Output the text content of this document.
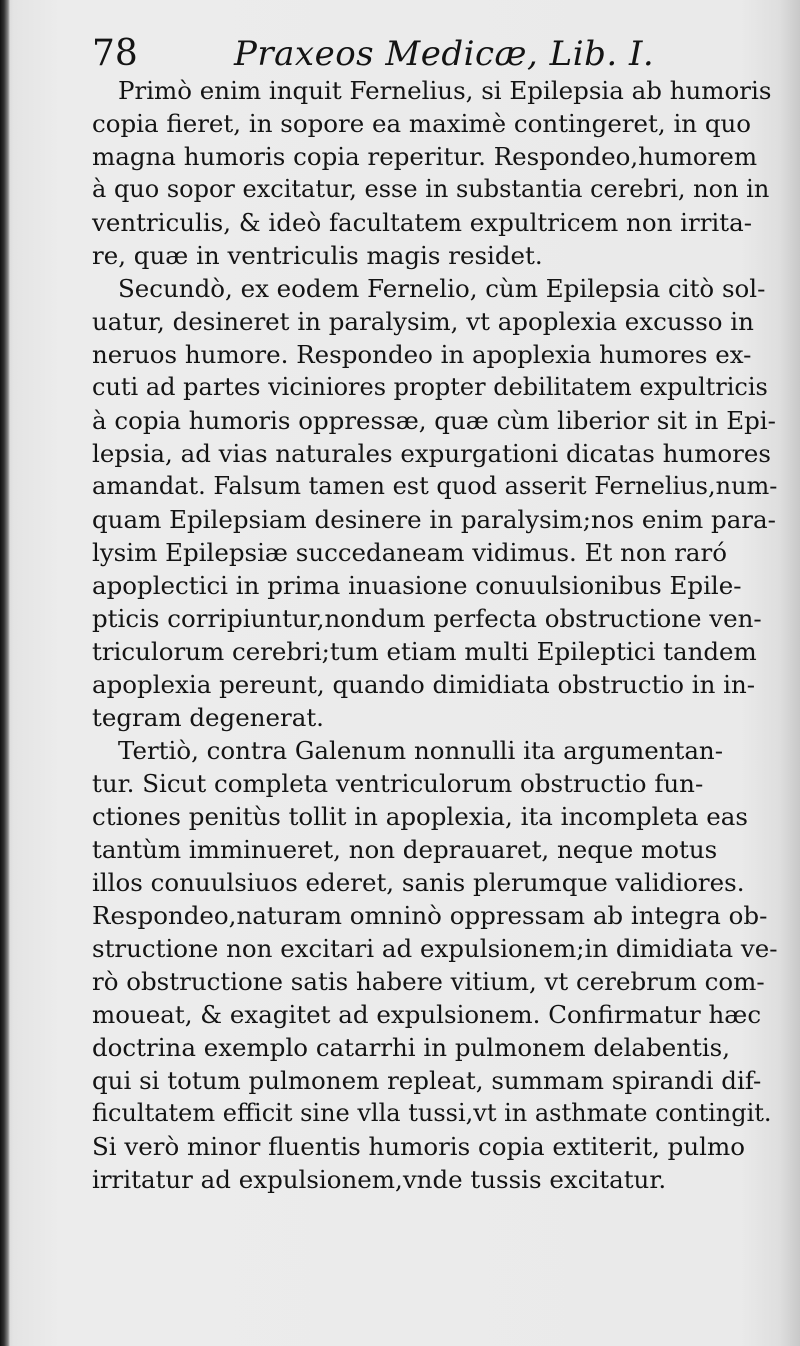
78	Praxeos Medicæ, Lib. I.
Primò enim inquit Fernelius, si Epilepsia ab humoris
copia fieret, in sopore ea maximè contingeret, in quo
magna humoris copia reperitur. Respondeo,humorem
à quo sopor excitatur, esse in substantia cerebri, non in
ventriculis, & ideò facultatem expultricem non irrita-
re, quæ in ventriculis magis residet.
Secundò, ex eodem Fernelio, cùm Epilepsia citò sol-
uatur, desineret in paralysim, vt apoplexia excusso in
neruos humore. Respondeo in apoplexia humores ex-
cuti ad partes viciniores propter debilitatem expultricis
à copia humoris oppressæ, quæ cùm liberior sit in Epi-
lepsia, ad vias naturales expurgationi dicatas humores
amandat. Falsum tamen est quod asserit Fernelius,num-
quam Epilepsiam desinere in paralysim;nos enim para-
lysim Epilepsiæ succedaneam vidimus. Et non raró
apoplectici in prima inuasione conuulsionibus Epile-
pticis corripiuntur,nondum perfecta obstructione ven-
triculorum cerebri;tum etiam multi Epileptici tandem
apoplexia pereunt, quando dimidiata obstructio in in-
tegram degenerat.
Tertiò, contra Galenum nonnulli ita argumentan-
tur. Sicut completa ventriculorum obstructio fun-
ctiones penitùs tollit in apoplexia, ita incompleta eas
tantùm imminueret, non deprauaret, neque motus
illos conuulsiuos ederet, sanis plerumque validiores.
Respondeo,naturam omninò oppressam ab integra ob-
structione non excitari ad expulsionem;in dimidiata ve-
rò obstructione satis habere vitium, vt cerebrum com-
moueat, & exagitet ad expulsionem. Confirmatur hæc
doctrina exemplo catarrhi in pulmonem delabentis,
qui si totum pulmonem repleat, summam spirandi dif-
ficultatem efficit sine vlla tussi,vt in asthmate contingit.
Si verò minor fluentis humoris copia extiterit, pulmo
irritatur ad expulsionem,vnde tussis excitatur.
